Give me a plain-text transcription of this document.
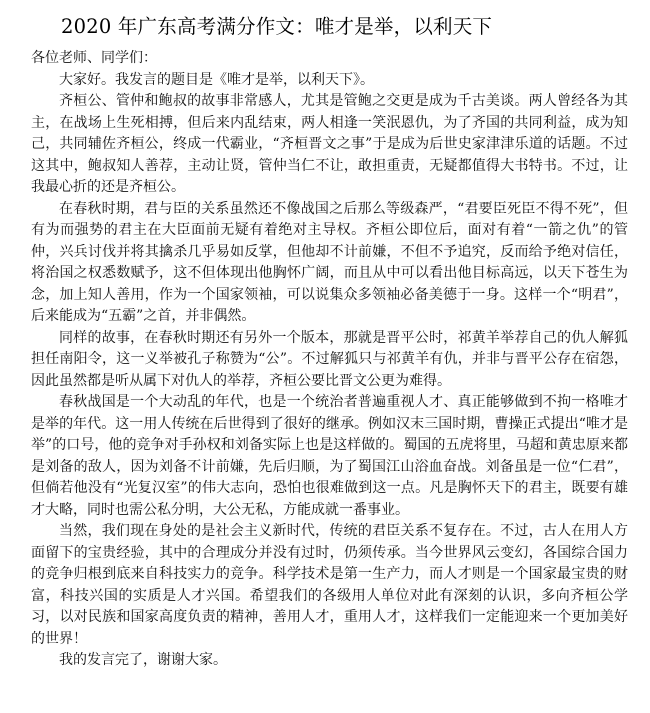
2020 年广东高考满分作文：唯才是举，以利天下

各位老师、同学们：

大家好。我发言的题目是《唯才是举，以利天下》。

齐桓公、管仲和鲍叔的故事非常感人，尤其是管鲍之交更是成为千古美谈。两人曾经各为其主，在战场上生死相搏，但后来内乱结束，两人相逢一笑泯恩仇，为了齐国的共同利益，成为知己，共同辅佐齐桓公，终成一代霸业，“齐桓晋文之事”于是成为后世史家津津乐道的话题。不过这其中，鲍叔知人善荐，主动让贤，管仲当仁不让，敢担重责，无疑都值得大书特书。不过，让我最心折的还是齐桓公。

在春秋时期，君与臣的关系虽然还不像战国之后那么等级森严，“君要臣死臣不得不死”，但有为而强势的君主在大臣面前无疑有着绝对主导权。齐桓公即位后，面对有着“一箭之仇”的管仲，兴兵讨伐并将其擒杀几乎易如反掌，但他却不计前嫌，不但不予追究，反而给予绝对信任，将治国之权悉数赋予，这不但体现出他胸怀广阔，而且从中可以看出他目标高远，以天下苍生为念，加上知人善用，作为一个国家领袖，可以说集众多领袖必备美德于一身。这样一个“明君”，后来能成为“五霸”之首，并非偶然。

同样的故事，在春秋时期还有另外一个版本，那就是晋平公时，祁黄羊举荐自己的仇人解狐担任南阳令，这一义举被孔子称赞为“公”。不过解狐只与祁黄羊有仇，并非与晋平公存在宿怨，因此虽然都是听从属下对仇人的举荐，齐桓公要比晋文公更为难得。

春秋战国是一个大动乱的年代，也是一个统治者普遍重视人才、真正能够做到不拘一格唯才是举的年代。这一用人传统在后世得到了很好的继承。例如汉末三国时期，曹操正式提出“唯才是举”的口号，他的竞争对手孙权和刘备实际上也是这样做的。蜀国的五虎将里，马超和黄忠原来都是刘备的敌人，因为刘备不计前嫌，先后归顺，为了蜀国江山浴血奋战。刘备虽是一位“仁君”，但倘若他没有“光复汉室”的伟大志向，恐怕也很难做到这一点。凡是胸怀天下的君主，既要有雄才大略，同时也需公私分明，大公无私，方能成就一番事业。

当然，我们现在身处的是社会主义新时代，传统的君臣关系不复存在。不过，古人在用人方面留下的宝贵经验，其中的合理成分并没有过时，仍须传承。当今世界风云变幻，各国综合国力的竞争归根到底来自科技实力的竞争。科学技术是第一生产力，而人才则是一个国家最宝贵的财富，科技兴国的实质是人才兴国。希望我们的各级用人单位对此有深刻的认识，多向齐桓公学习，以对民族和国家高度负责的精神，善用人才，重用人才，这样我们一定能迎来一个更加美好的世界！

我的发言完了，谢谢大家。
